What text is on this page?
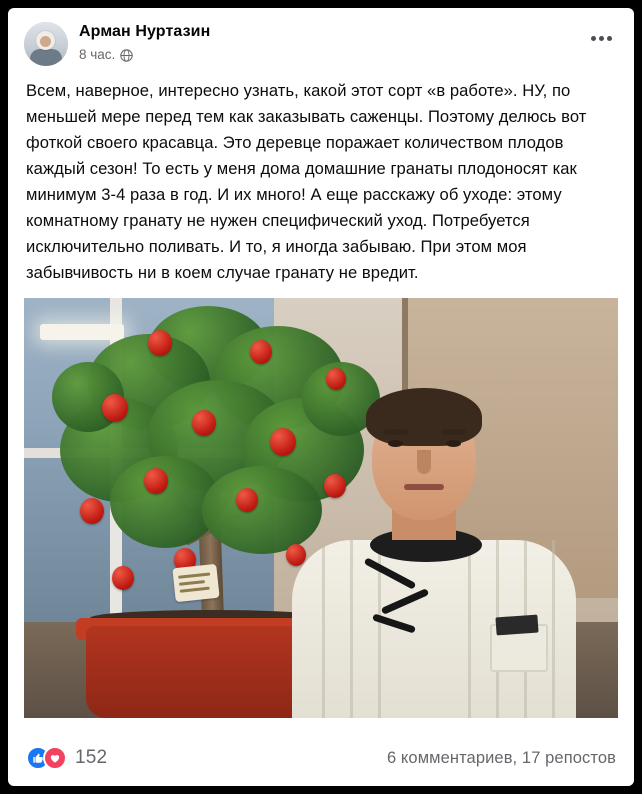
Арман Нуртазин
8 час.
Всем, наверное, интересно узнать, какой этот сорт «в работе». НУ, по меньшей мере перед тем как заказывать саженцы. Поэтому делюсь вот фоткой своего красавца. Это деревце поражает количеством плодов каждый сезон! То есть у меня дома домашние гранаты плодоносят как минимум 3-4 раза в год. И их много! А еще расскажу об уходе: этому комнатному гранату не нужен специфический уход. Потребуется исключительно поливать. И то, я иногда забываю. При этом моя забывчивость ни в коем случае гранату не вредит.
152	6 комментариев, 17 репостов
